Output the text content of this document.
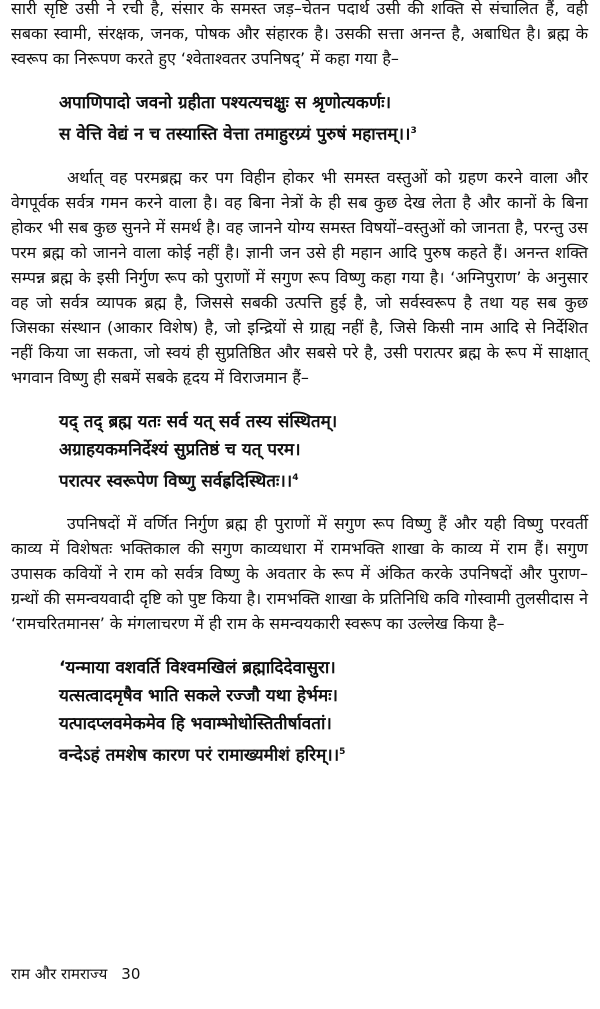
सारी सृष्टि उसी ने रची है, संसार के समस्त जड़–चेतन पदार्थ उसी की शक्ति से संचालित हैं, वही सबका स्वामी, संरक्षक, जनक, पोषक और संहारक है। उसकी सत्ता अनन्त है, अबाधित है। ब्रह्म के स्वरूप का निरूपण करते हुए ‘श्वेताश्वतर उपनिषद्’ में कहा गया है–

अपाणिपादो जवनो ग्रहीता पश्यत्यचक्षुः स श्रृणोत्यकर्णः।
स वेत्ति वेद्यं न च तस्यास्ति वेत्ता तमाहुरग्र्यं पुरुषं महात्तम्।।$^3$

अर्थात् वह परमब्रह्म कर पग विहीन होकर भी समस्त वस्तुओं को ग्रहण करने वाला और वेगपूर्वक सर्वत्र गमन करने वाला है। वह बिना नेत्रों के ही सब कुछ देख लेता है और कानों के बिना होकर भी सब कुछ सुनने में समर्थ है। वह जानने योग्य समस्त विषयों–वस्तुओं को जानता है, परन्तु उस परम ब्रह्म को जानने वाला कोई नहीं है। ज्ञानी जन उसे ही महान आदि पुरुष कहते हैं। अनन्त शक्ति सम्पन्न ब्रह्म के इसी निर्गुण रूप को पुराणों में सगुण रूप विष्णु कहा गया है। ‘अग्निपुराण’ के अनुसार वह जो सर्वत्र व्यापक ब्रह्म है, जिससे सबकी उत्पत्ति हुई है, जो सर्वस्वरूप है तथा यह सब कुछ जिसका संस्थान (आकार विशेष) है, जो इन्द्रियों से ग्राह्य नहीं है, जिसे किसी नाम आदि से निर्देशित नहीं किया जा सकता, जो स्वयं ही सुप्रतिष्ठित और सबसे परे है, उसी परात्पर ब्रह्म के रूप में साक्षात् भगवान विष्णु ही सबमें सबके हृदय में विराजमान हैं–

यद् तद् ब्रह्म यतः सर्व यत् सर्व तस्य संस्थितम्।
अग्राहयकमनिर्देश्यं सुप्रतिष्ठं च यत् परम।
परात्पर स्वरूपेण विष्णु सर्वह्रदिस्थितः।।$^4$

उपनिषदों में वर्णित निर्गुण ब्रह्म ही पुराणों में सगुण रूप विष्णु हैं और यही विष्णु परवर्ती काव्य में विशेषतः भक्तिकाल की सगुण काव्यधारा में रामभक्ति शाखा के काव्य में राम हैं। सगुण उपासक कवियों ने राम को सर्वत्र विष्णु के अवतार के रूप में अंकित करके उपनिषदों और पुराण–ग्रन्थों की समन्वयवादी दृष्टि को पुष्ट किया है। रामभक्ति शाखा के प्रतिनिधि कवि गोस्वामी तुलसीदास ने ‘रामचरितमानस’ के मंगलाचरण में ही राम के समन्वयकारी स्वरूप का उल्लेख किया है–

‘यन्माया वशवर्ति विश्वमखिलं ब्रह्मादिदेवासुरा।
यत्सत्वादमृषैव भाति सकले रज्जौ यथा हेर्भमः।
यत्पादप्लवमेकमेव हि भवाम्भोधोस्तितीर्षावतां।
वन्देऽहं तमशेष कारण परं रामाख्यमीशं हरिम्।।$^5$
राम और रामराज्य 30
